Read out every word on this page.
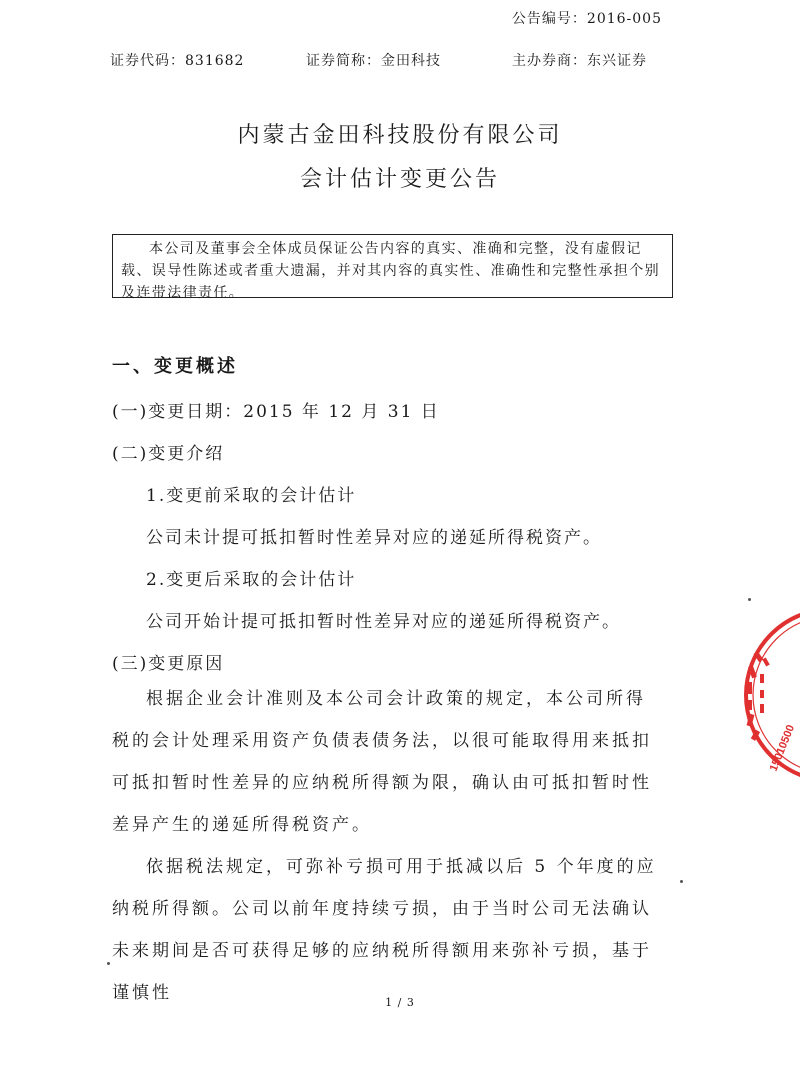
公告编号：2016-005
证券代码：831682	证券简称：金田科技	主办券商：东兴证券
内蒙古金田科技股份有限公司
会计估计变更公告
本公司及董事会全体成员保证公告内容的真实、准确和完整，没有虚假记载、误导性陈述或者重大遗漏，并对其内容的真实性、准确性和完整性承担个别及连带法律责任。
一、变更概述
(一)变更日期：2015 年 12 月 31 日
(二)变更介绍
1.变更前采取的会计估计
公司未计提可抵扣暂时性差异对应的递延所得税资产。
2.变更后采取的会计估计
公司开始计提可抵扣暂时性差异对应的递延所得税资产。
(三)变更原因
根据企业会计准则及本公司会计政策的规定，本公司所得税的会计处理采用资产负债表债务法，以很可能取得用来抵扣可抵扣暂时性差异的应纳税所得额为限，确认由可抵扣暂时性差异产生的递延所得税资产。
依据税法规定，可弥补亏损可用于抵减以后 5 个年度的应纳税所得额。公司以前年度持续亏损，由于当时公司无法确认未来期间是否可获得足够的应纳税所得额用来弥补亏损，基于谨慎性	1 / 3
15010500
